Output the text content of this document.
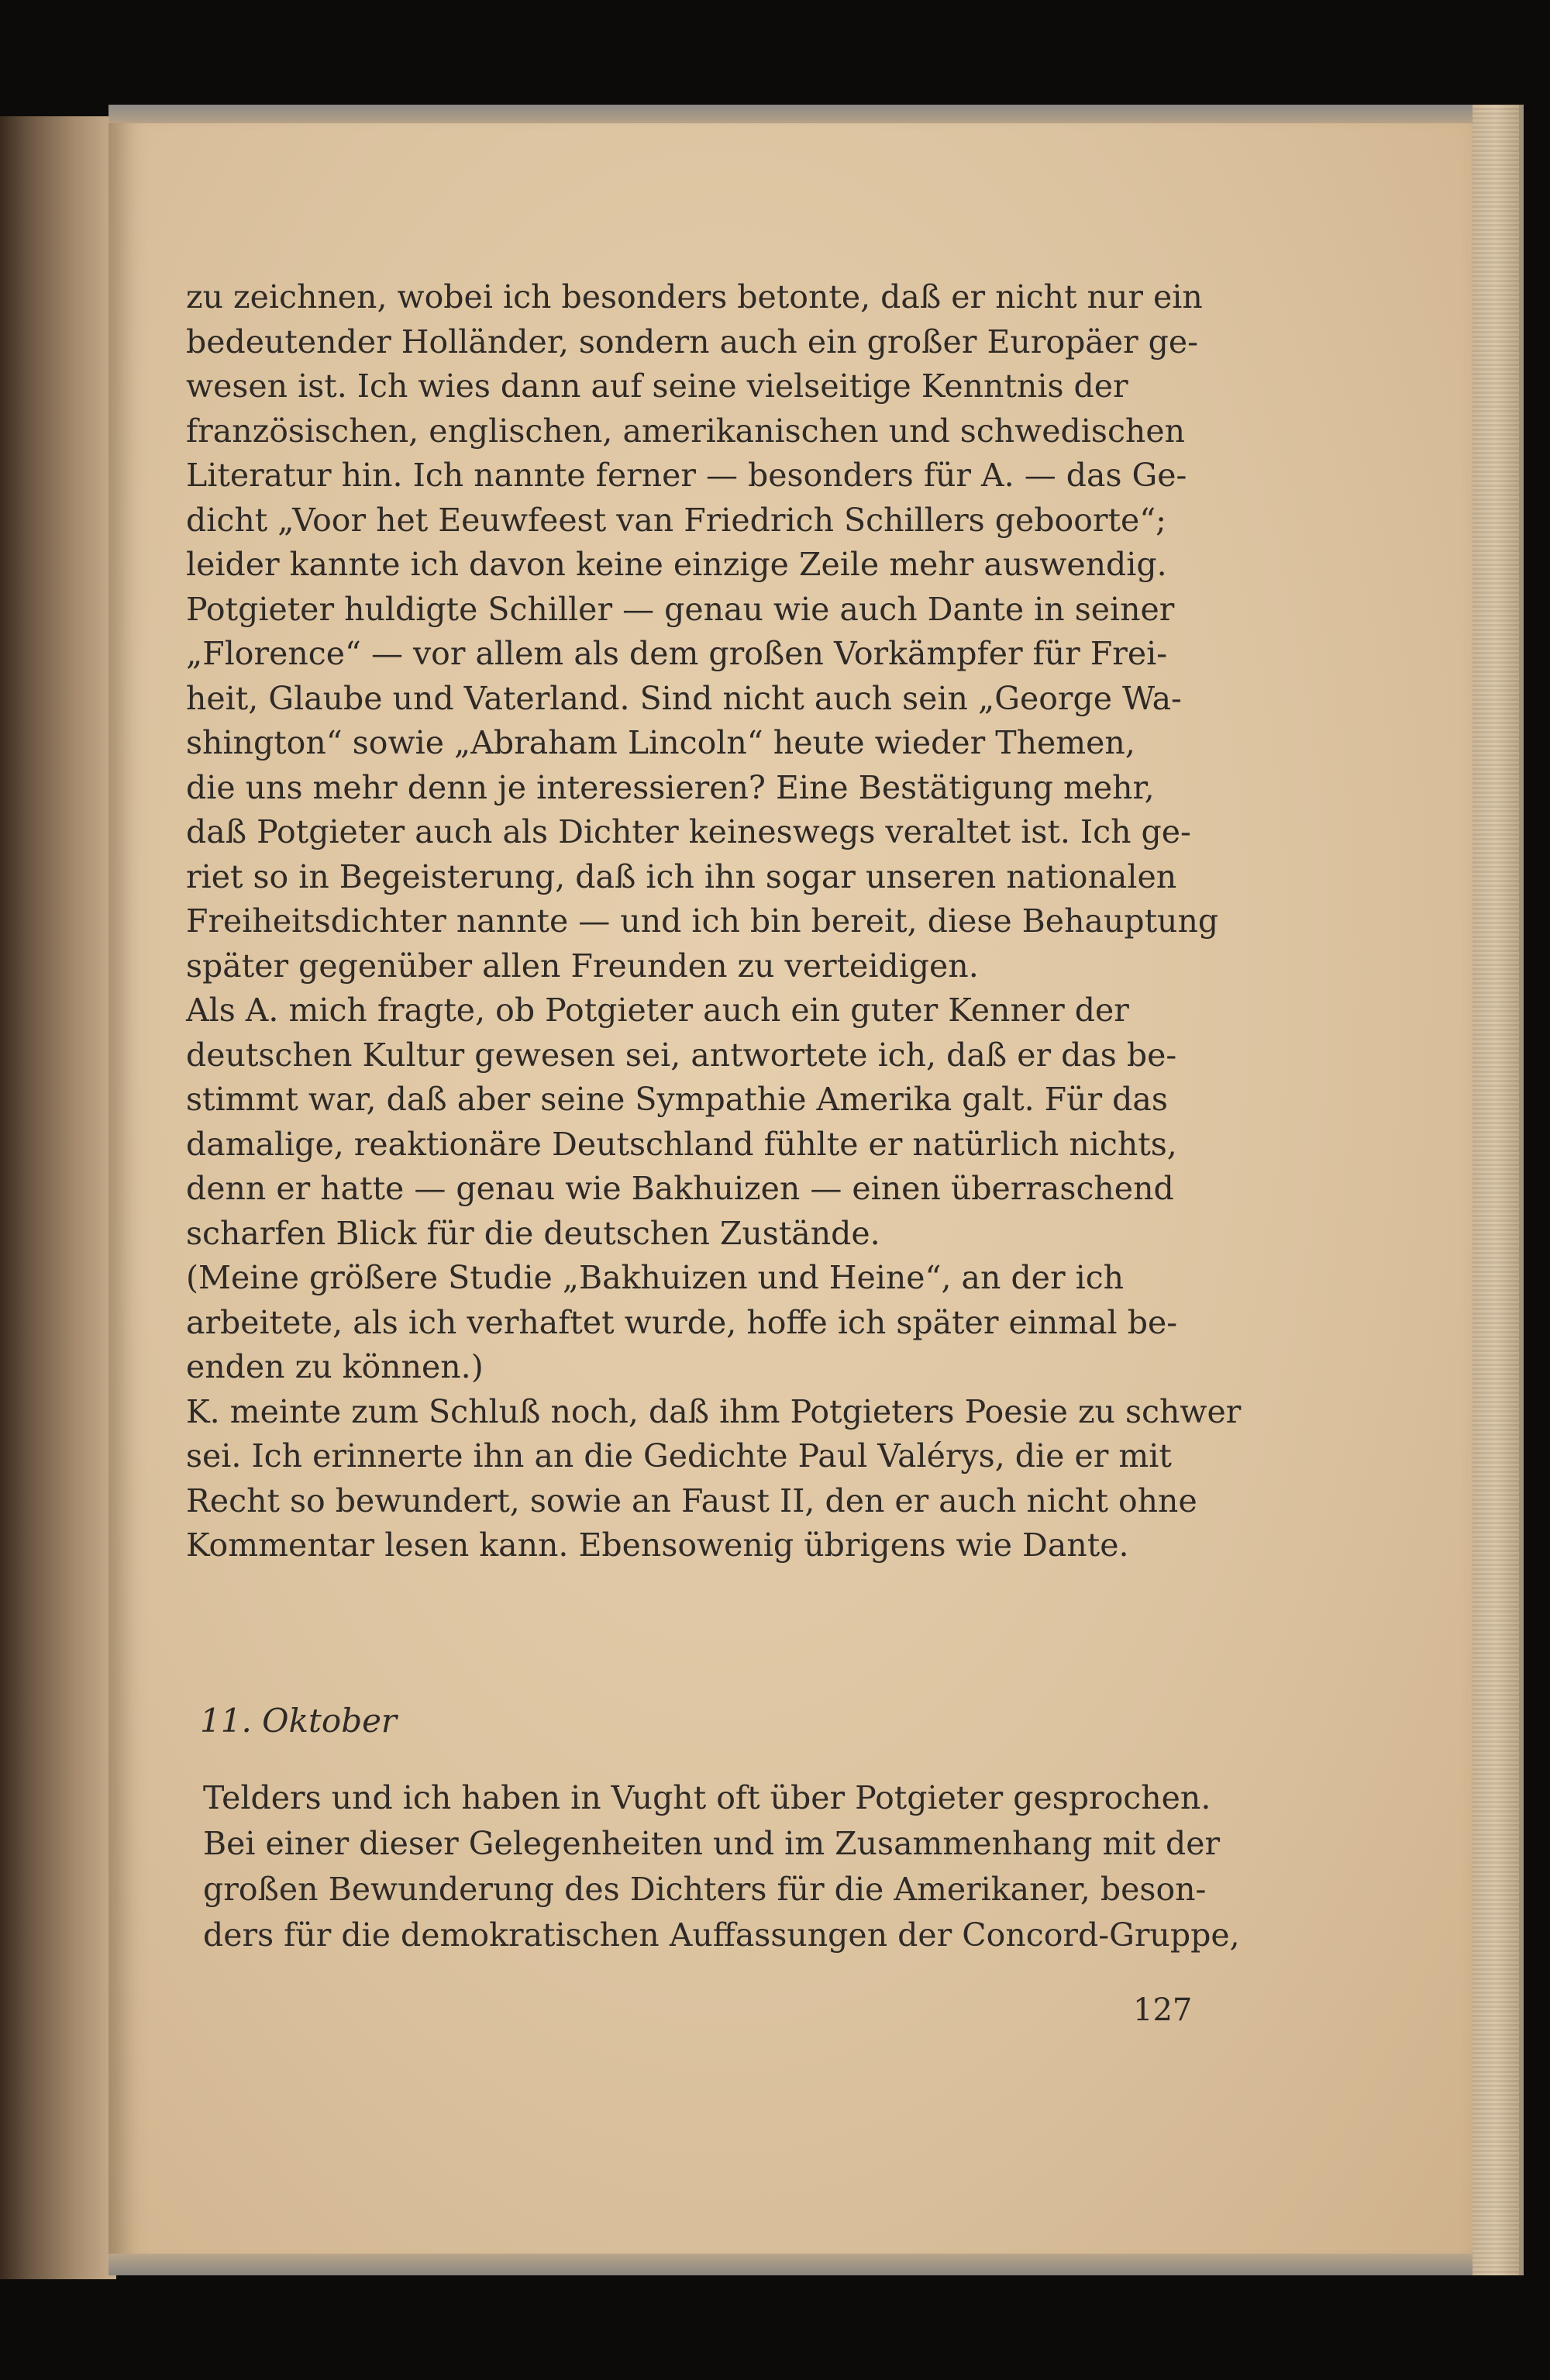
zu zeichnen, wobei ich besonders betonte, daß er nicht nur ein
bedeutender Holländer, sondern auch ein großer Europäer ge-
wesen ist. Ich wies dann auf seine vielseitige Kenntnis der
französischen, englischen, amerikanischen und schwedischen
Literatur hin. Ich nannte ferner — besonders für A. — das Ge-
dicht „Voor het Eeuwfeest van Friedrich Schillers geboorte“;
leider kannte ich davon keine einzige Zeile mehr auswendig.
Potgieter huldigte Schiller — genau wie auch Dante in seiner
„Florence“ — vor allem als dem großen Vorkämpfer für Frei-
heit, Glaube und Vaterland. Sind nicht auch sein „George Wa-
shington“ sowie „Abraham Lincoln“ heute wieder Themen,
die uns mehr denn je interessieren? Eine Bestätigung mehr,
daß Potgieter auch als Dichter keineswegs veraltet ist. Ich ge-
riet so in Begeisterung, daß ich ihn sogar unseren nationalen
Freiheitsdichter nannte — und ich bin bereit, diese Behauptung
später gegenüber allen Freunden zu verteidigen.
Als A. mich fragte, ob Potgieter auch ein guter Kenner der
deutschen Kultur gewesen sei, antwortete ich, daß er das be-
stimmt war, daß aber seine Sympathie Amerika galt. Für das
damalige, reaktionäre Deutschland fühlte er natürlich nichts,
denn er hatte — genau wie Bakhuizen — einen überraschend
scharfen Blick für die deutschen Zustände.
(Meine größere Studie „Bakhuizen und Heine“, an der ich
arbeitete, als ich verhaftet wurde, hoffe ich später einmal be-
enden zu können.)
K. meinte zum Schluß noch, daß ihm Potgieters Poesie zu schwer
sei. Ich erinnerte ihn an die Gedichte Paul Valérys, die er mit
Recht so bewundert, sowie an Faust II, den er auch nicht ohne
Kommentar lesen kann. Ebensowenig übrigens wie Dante.
11. Oktober
Telders und ich haben in Vught oft über Potgieter gesprochen.
Bei einer dieser Gelegenheiten und im Zusammenhang mit der
großen Bewunderung des Dichters für die Amerikaner, beson-
ders für die demokratischen Auffassungen der Concord-Gruppe,
127
